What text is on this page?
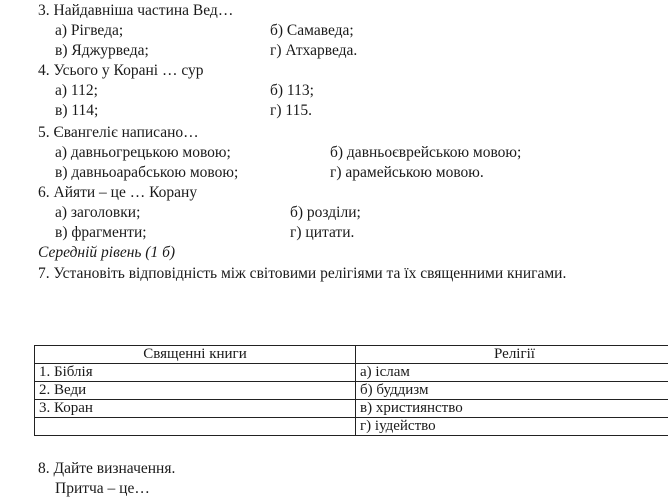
3. Найдавніша частина Вед…
а) Рігведа;	б) Самаведа;
в) Яджурведа;	г) Атхарведа.
4. Усього у Корані … сур
а) 112;	б) 113;
в) 114;	г) 115.
5. Євангеліє написано…
а) давньогрецькою мовою;	б) давньоєврейською мовою;
в) давньоарабською мовою;	г) арамейською мовою.
6. Айяти – це … Корану
а) заголовки;	б) розділи;
в) фрагменти;	г) цитати.
Середній рівень (1 б)
7. Установіть відповідність між світовими релігіями та їх священними книгами.
Священні книги	Релігії
1. Біблія	а) іслам
2. Веди	б) буддизм
3. Коран	в) християнство
	г) іудейство
8. Дайте визначення.
Притча – це…
